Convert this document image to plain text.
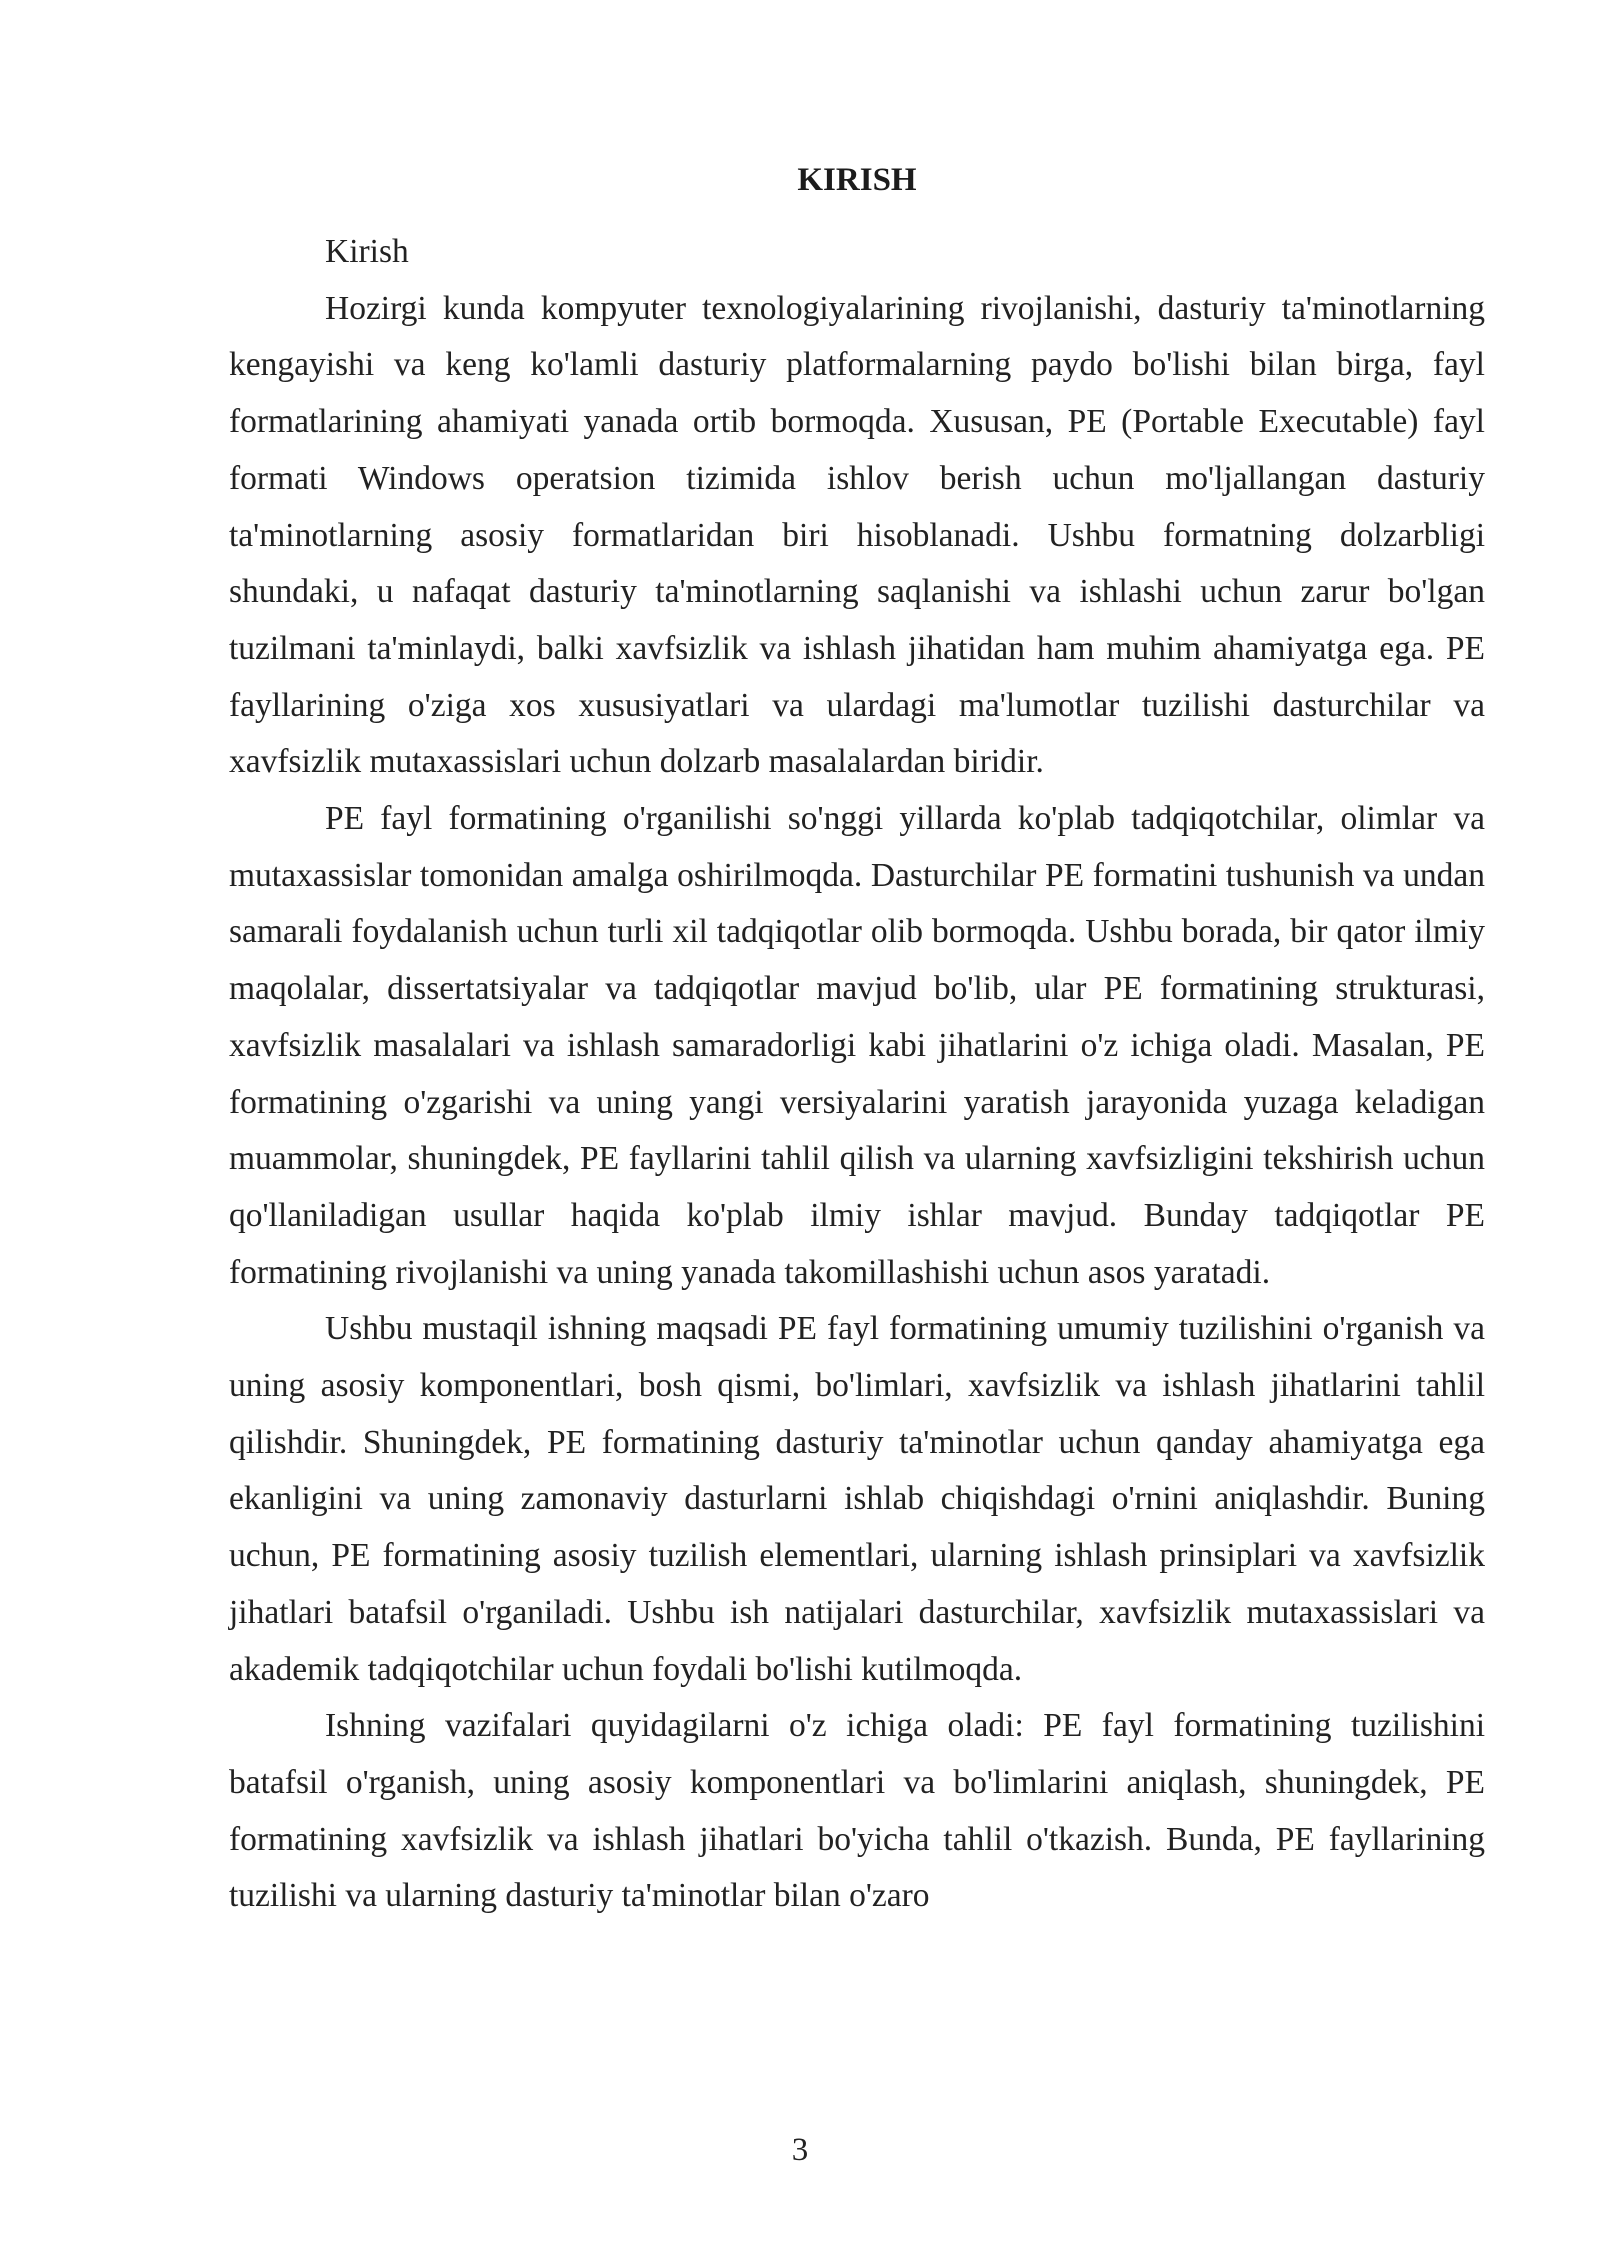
KIRISH

Kirish

Hozirgi kunda kompyuter texnologiyalarining rivojlanishi, dasturiy ta'minotlarning kengayishi va keng ko'lamli dasturiy platformalarning paydo bo'lishi bilan birga, fayl formatlarining ahamiyati yanada ortib bormoqda. Xususan, PE (Portable Executable) fayl formati Windows operatsion tizimida ishlov berish uchun mo'ljallangan dasturiy ta'minotlarning asosiy formatlaridan biri hisoblanadi. Ushbu formatning dolzarbligi shundaki, u nafaqat dasturiy ta'minotlarning saqlanishi va ishlashi uchun zarur bo'lgan tuzilmani ta'minlaydi, balki xavfsizlik va ishlash jihatidan ham muhim ahamiyatga ega. PE fayllarining o'ziga xos xususiyatlari va ulardagi ma'lumotlar tuzilishi dasturchilar va xavfsizlik mutaxassislari uchun dolzarb masalalardan biridir.

PE fayl formatining o'rganilishi so'nggi yillarda ko'plab tadqiqotchilar, olimlar va mutaxassislar tomonidan amalga oshirilmoqda. Dasturchilar PE formatini tushunish va undan samarali foydalanish uchun turli xil tadqiqotlar olib bormoqda. Ushbu borada, bir qator ilmiy maqolalar, dissertatsiyalar va tadqiqotlar mavjud bo'lib, ular PE formatining strukturasi, xavfsizlik masalalari va ishlash samaradorligi kabi jihatlarini o'z ichiga oladi. Masalan, PE formatining o'zgarishi va uning yangi versiyalarini yaratish jarayonida yuzaga keladigan muammolar, shuningdek, PE fayllarini tahlil qilish va ularning xavfsizligini tekshirish uchun qo'llaniladigan usullar haqida ko'plab ilmiy ishlar mavjud. Bunday tadqiqotlar PE formatining rivojlanishi va uning yanada takomillashishi uchun asos yaratadi.

Ushbu mustaqil ishning maqsadi PE fayl formatining umumiy tuzilishini o'rganish va uning asosiy komponentlari, bosh qismi, bo'limlari, xavfsizlik va ishlash jihatlarini tahlil qilishdir. Shuningdek, PE formatining dasturiy ta'minotlar uchun qanday ahamiyatga ega ekanligini va uning zamonaviy dasturlarni ishlab chiqishdagi o'rnini aniqlashdir. Buning uchun, PE formatining asosiy tuzilish elementlari, ularning ishlash prinsiplari va xavfsizlik jihatlari batafsil o'rganiladi. Ushbu ish natijalari dasturchilar, xavfsizlik mutaxassislari va akademik tadqiqotchilar uchun foydali bo'lishi kutilmoqda.

Ishning vazifalari quyidagilarni o'z ichiga oladi: PE fayl formatining tuzilishini batafsil o'rganish, uning asosiy komponentlari va bo'limlarini aniqlash, shuningdek, PE formatining xavfsizlik va ishlash jihatlari bo'yicha tahlil o'tkazish. Bunda, PE fayllarining tuzilishi va ularning dasturiy ta'minotlar bilan o'zaro

3
